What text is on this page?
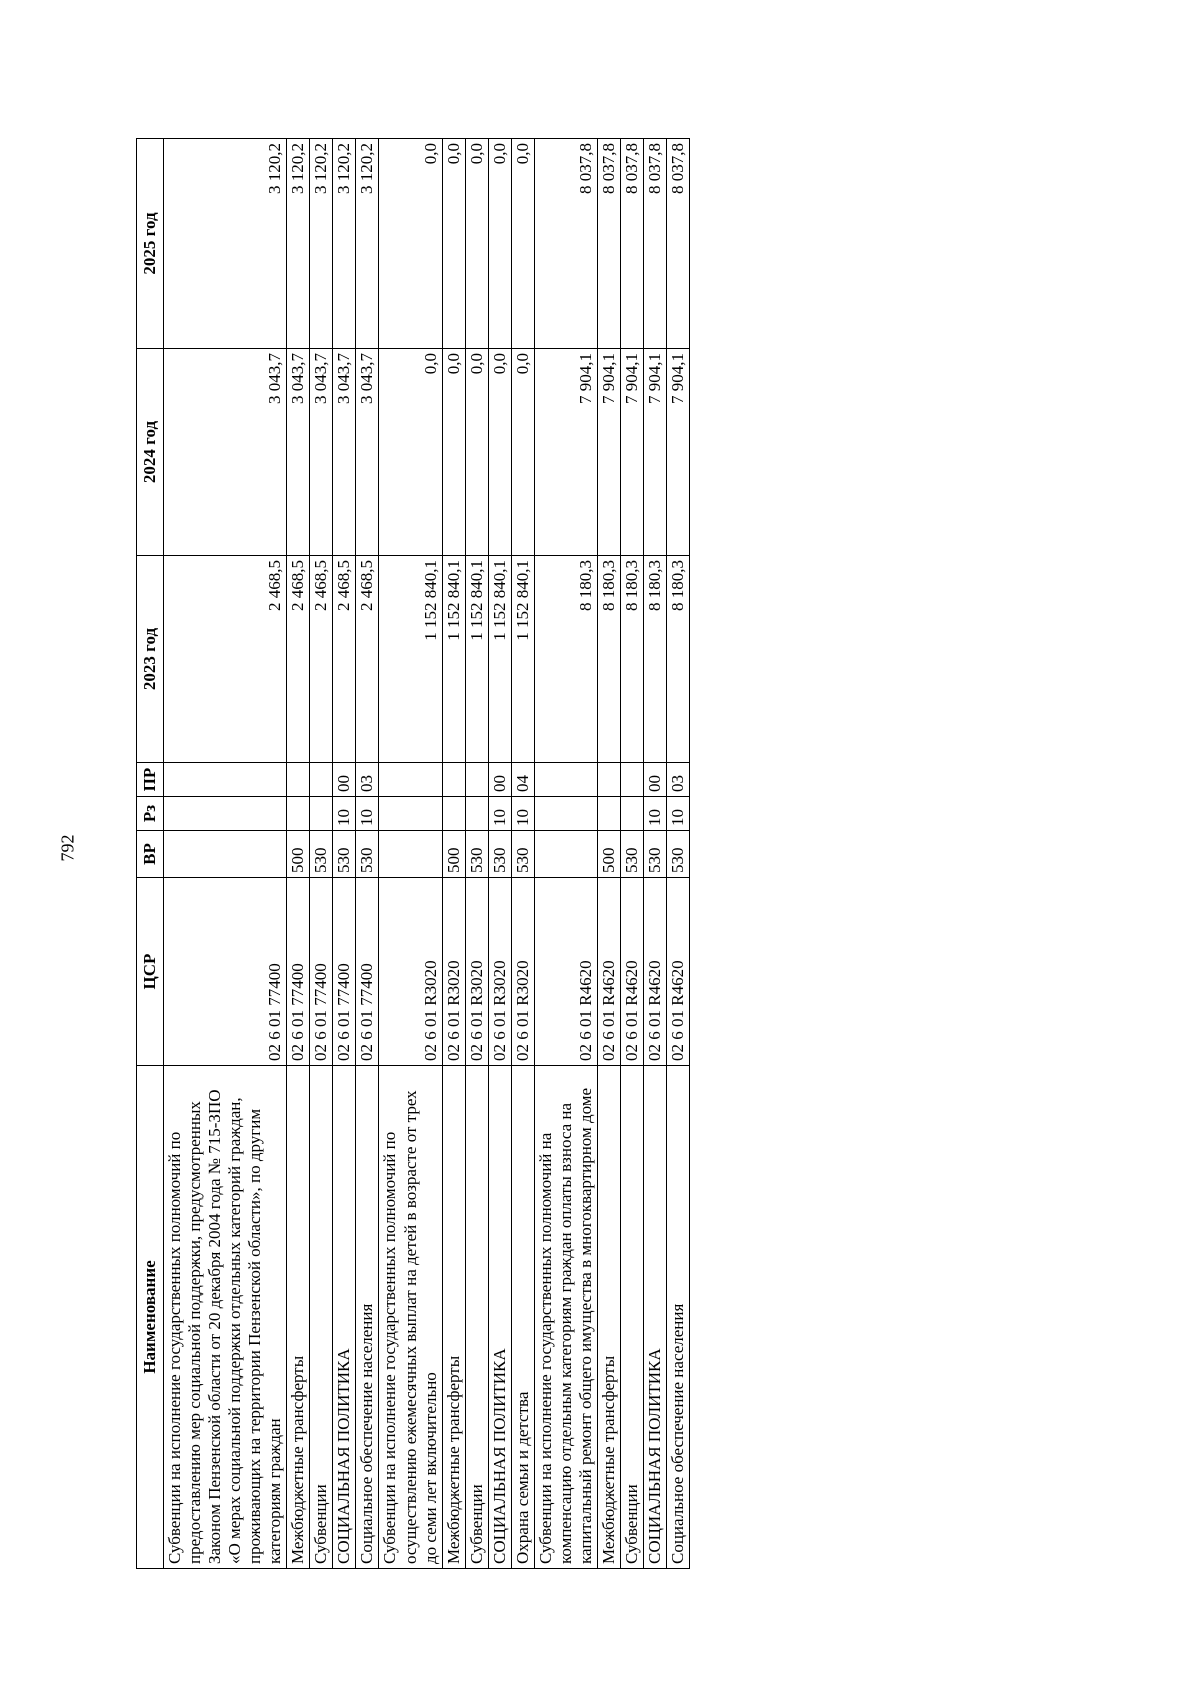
792
Наименование	ЦСР	ВР	Рз	ПР	2023 год	2024 год	2025 год
Субвенции на исполнение государственных полномочий по предоставлению мер социальной поддержки, предусмотренных Законом Пензенской области от 20 декабря 2004 года № 715-ЗПО «О мерах социальной поддержки отдельных категорий граждан, проживающих на территории Пензенской области», по другим категориям граждан	02 6 01 77400				2 468,5	3 043,7	3 120,2
Межбюджетные трансферты	02 6 01 77400	500			2 468,5	3 043,7	3 120,2
Субвенции	02 6 01 77400	530			2 468,5	3 043,7	3 120,2
СОЦИАЛЬНАЯ ПОЛИТИКА	02 6 01 77400	530	10	00	2 468,5	3 043,7	3 120,2
Социальное обеспечение населения	02 6 01 77400	530	10	03	2 468,5	3 043,7	3 120,2
Субвенции на исполнение государственных полномочий по осуществлению ежемесячных выплат на детей в возрасте от трех до семи лет включительно	02 6 01 R3020				1 152 840,1	0,0	0,0
Межбюджетные трансферты	02 6 01 R3020	500			1 152 840,1	0,0	0,0
Субвенции	02 6 01 R3020	530			1 152 840,1	0,0	0,0
СОЦИАЛЬНАЯ ПОЛИТИКА	02 6 01 R3020	530	10	00	1 152 840,1	0,0	0,0
Охрана семьи и детства	02 6 01 R3020	530	10	04	1 152 840,1	0,0	0,0
Субвенции на исполнение государственных полномочий на компенсацию отдельным категориям граждан оплаты взноса на капитальный ремонт общего имущества в многоквартирном доме	02 6 01 R4620				8 180,3	7 904,1	8 037,8
Межбюджетные трансферты	02 6 01 R4620	500			8 180,3	7 904,1	8 037,8
Субвенции	02 6 01 R4620	530			8 180,3	7 904,1	8 037,8
СОЦИАЛЬНАЯ ПОЛИТИКА	02 6 01 R4620	530	10	00	8 180,3	7 904,1	8 037,8
Социальное обеспечение населения	02 6 01 R4620	530	10	03	8 180,3	7 904,1	8 037,8
